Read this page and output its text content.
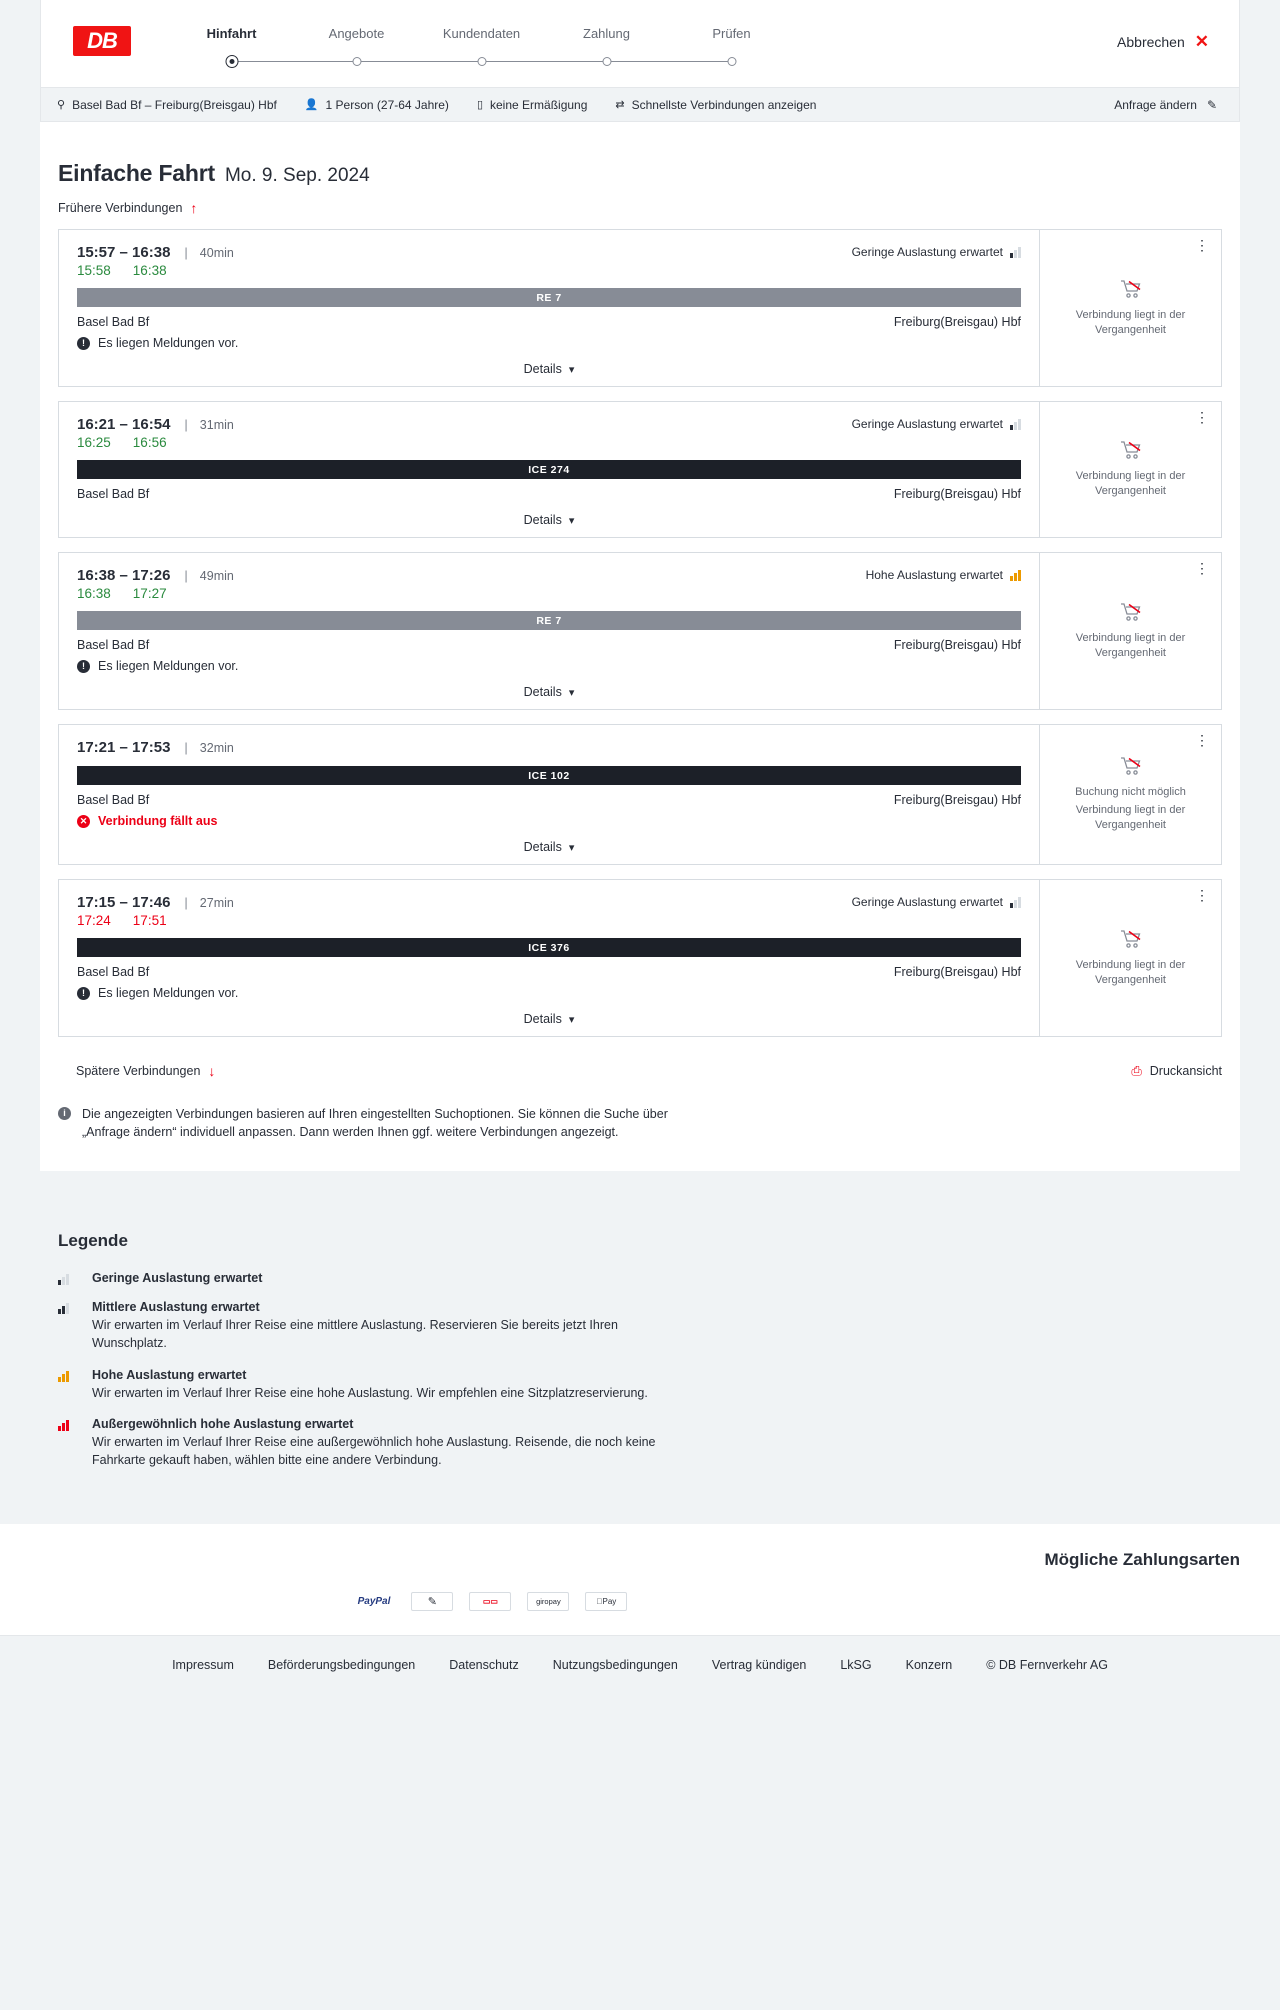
DB	Hinfahrt	Angebote	Kundendaten	Zahlung	Prüfen	Abbrechen ✕
⚲ Basel Bad Bf – Freiburg(Breisgau) Hbf	👤 1 Person (27-64 Jahre)	▯ keine Ermäßigung	⇄ Schnellste Verbindungen anzeigen	Anfrage ändern ✎
Einfache Fahrt Mo. 9. Sep. 2024
Frühere Verbindungen ↑
15:57 – 16:38 | 40min	Geringe Auslastung erwartet
15:58 16:38
RE 7
Basel Bad Bf	Freiburg(Breisgau) Hbf
!	Es liegen Meldungen vor.
Details ▾
⋮
Verbindung liegt in der Vergangenheit
16:21 – 16:54 | 31min	Geringe Auslastung erwartet
16:25 16:56
ICE 274
Basel Bad Bf	Freiburg(Breisgau) Hbf
Details ▾
⋮
Verbindung liegt in der Vergangenheit
16:38 – 17:26 | 49min	Hohe Auslastung erwartet
16:38 17:27
RE 7
Basel Bad Bf	Freiburg(Breisgau) Hbf
!	Es liegen Meldungen vor.
Details ▾
⋮
Verbindung liegt in der Vergangenheit
17:21 – 17:53 | 32min
ICE 102
Basel Bad Bf	Freiburg(Breisgau) Hbf
✕ Verbindung fällt aus
Details ▾
⋮
Buchung nicht möglich
Verbindung liegt in der Vergangenheit
17:15 – 17:46 | 27min	Geringe Auslastung erwartet
17:24 17:51
ICE 376
Basel Bad Bf	Freiburg(Breisgau) Hbf
!	Es liegen Meldungen vor.
Details ▾
⋮
Verbindung liegt in der Vergangenheit
Spätere Verbindungen ↓	⎙ Druckansicht
i	Die angezeigten Verbindungen basieren auf Ihren eingestellten Suchoptionen. Sie können die Suche über „Anfrage ändern“ individuell anpassen. Dann werden Ihnen ggf. weitere Verbindungen angezeigt.
Legende
Geringe Auslastung erwartet
Mittlere Auslastung erwartet
Wir erwarten im Verlauf Ihrer Reise eine mittlere Auslastung. Reservieren Sie bereits jetzt Ihren Wunschplatz.
Hohe Auslastung erwartet
Wir erwarten im Verlauf Ihrer Reise eine hohe Auslastung. Wir empfehlen eine Sitzplatzreservierung.
Außergewöhnlich hohe Auslastung erwartet
Wir erwarten im Verlauf Ihrer Reise eine außergewöhnlich hohe Auslastung. Reisende, die noch keine Fahrkarte gekauft haben, wählen bitte eine andere Verbindung.
Mögliche Zahlungsarten
PayPal	✎	▭▭	giropay	Pay
Impressum	Beförderungsbedingungen	Datenschutz	Nutzungsbedingungen	Vertrag kündigen	LkSG	Konzern	© DB Fernverkehr AG
